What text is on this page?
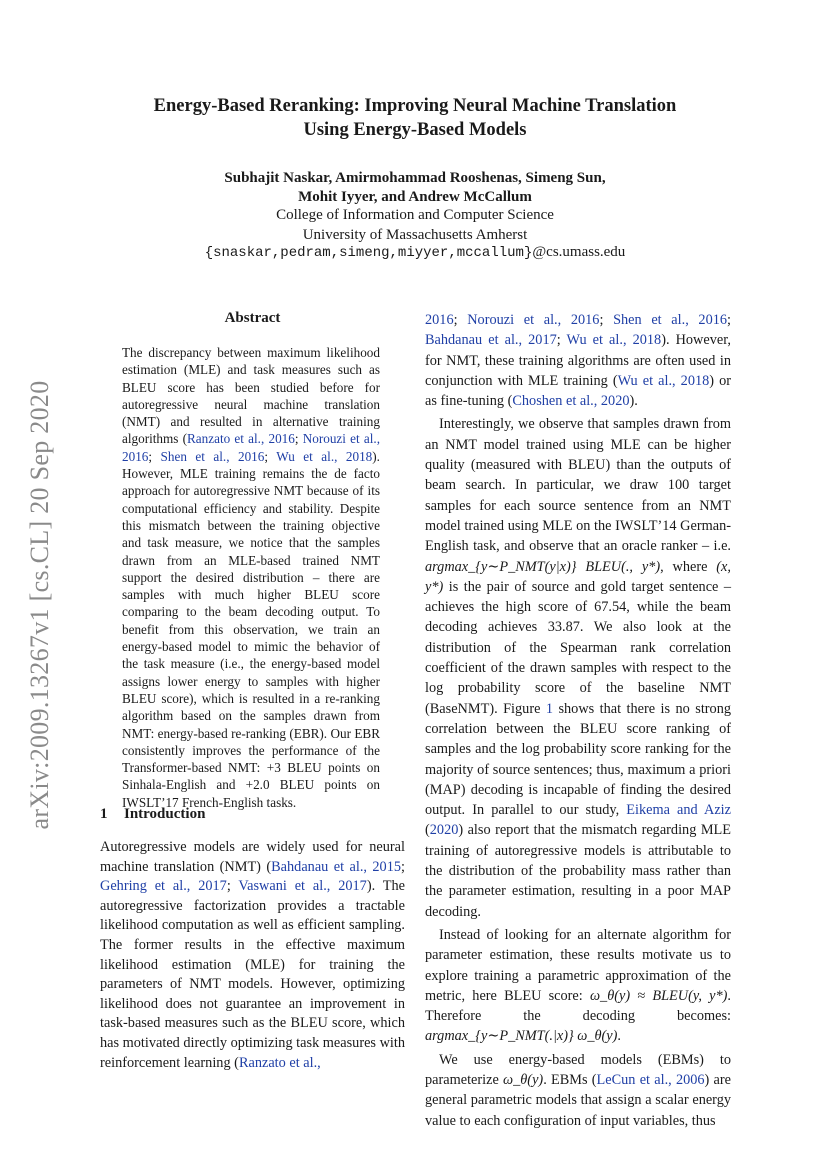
arXiv:2009.13267v1 [cs.CL] 20 Sep 2020
Energy-Based Reranking: Improving Neural Machine Translation
Using Energy-Based Models
Subhajit Naskar, Amirmohammad Rooshenas, Simeng Sun,
Mohit Iyyer, and Andrew McCallum
College of Information and Computer Science
University of Massachusetts Amherst
{snaskar,pedram,simeng,miyyer,mccallum}@cs.umass.edu
Abstract

The discrepancy between maximum likelihood estimation (MLE) and task measures such as BLEU score has been studied before for autoregressive neural machine translation (NMT) and resulted in alternative training algorithms (Ranzato et al., 2016; Norouzi et al., 2016; Shen et al., 2016; Wu et al., 2018). However, MLE training remains the de facto approach for autoregressive NMT because of its computational efficiency and stability. Despite this mismatch between the training objective and task measure, we notice that the samples drawn from an MLE-based trained NMT support the desired distribution – there are samples with much higher BLEU score comparing to the beam decoding output. To benefit from this observation, we train an energy-based model to mimic the behavior of the task measure (i.e., the energy-based model assigns lower energy to samples with higher BLEU score), which is resulted in a re-ranking algorithm based on the samples drawn from NMT: energy-based re-ranking (EBR). Our EBR consistently improves the performance of the Transformer-based NMT: +3 BLEU points on Sinhala-English and +2.0 BLEU points on IWSLT’17 French-English tasks.

1 Introduction

Autoregressive models are widely used for neural machine translation (NMT) (Bahdanau et al., 2015; Gehring et al., 2017; Vaswani et al., 2017). The autoregressive factorization provides a tractable likelihood computation as well as efficient sampling. The former results in the effective maximum likelihood estimation (MLE) for training the parameters of NMT models. However, optimizing likelihood does not guarantee an improvement in task-based measures such as the BLEU score, which has motivated directly optimizing task measures with reinforcement learning (Ranzato et al.,

2016; Norouzi et al., 2016; Shen et al., 2016; Bahdanau et al., 2017; Wu et al., 2018). However, for NMT, these training algorithms are often used in conjunction with MLE training (Wu et al., 2018) or as fine-tuning (Choshen et al., 2020).

Interestingly, we observe that samples drawn from an NMT model trained using MLE can be higher quality (measured with BLEU) than the outputs of beam search. In particular, we draw 100 target samples for each source sentence from an NMT model trained using MLE on the IWSLT’14 German-English task, and observe that an oracle ranker – i.e. argmax_{y∼P_NMT(y|x)} BLEU(., y*), where (x, y*) is the pair of source and gold target sentence – achieves the high score of 67.54, while the beam decoding achieves 33.87. We also look at the distribution of the Spearman rank correlation coefficient of the drawn samples with respect to the log probability score of the baseline NMT (BaseNMT). Figure 1 shows that there is no strong correlation between the BLEU score ranking of samples and the log probability score ranking for the majority of source sentences; thus, maximum a priori (MAP) decoding is incapable of finding the desired output. In parallel to our study, Eikema and Aziz (2020) also report that the mismatch regarding MLE training of autoregressive models is attributable to the distribution of the probability mass rather than the parameter estimation, resulting in a poor MAP decoding.

Instead of looking for an alternate algorithm for parameter estimation, these results motivate us to explore training a parametric approximation of the metric, here BLEU score: ω_θ(y) ≈ BLEU(y, y*). Therefore the decoding becomes: argmax_{y∼P_NMT(.|x)} ω_θ(y).

We use energy-based models (EBMs) to parameterize ω_θ(y). EBMs (LeCun et al., 2006) are general parametric models that assign a scalar energy value to each configuration of input variables, thus
